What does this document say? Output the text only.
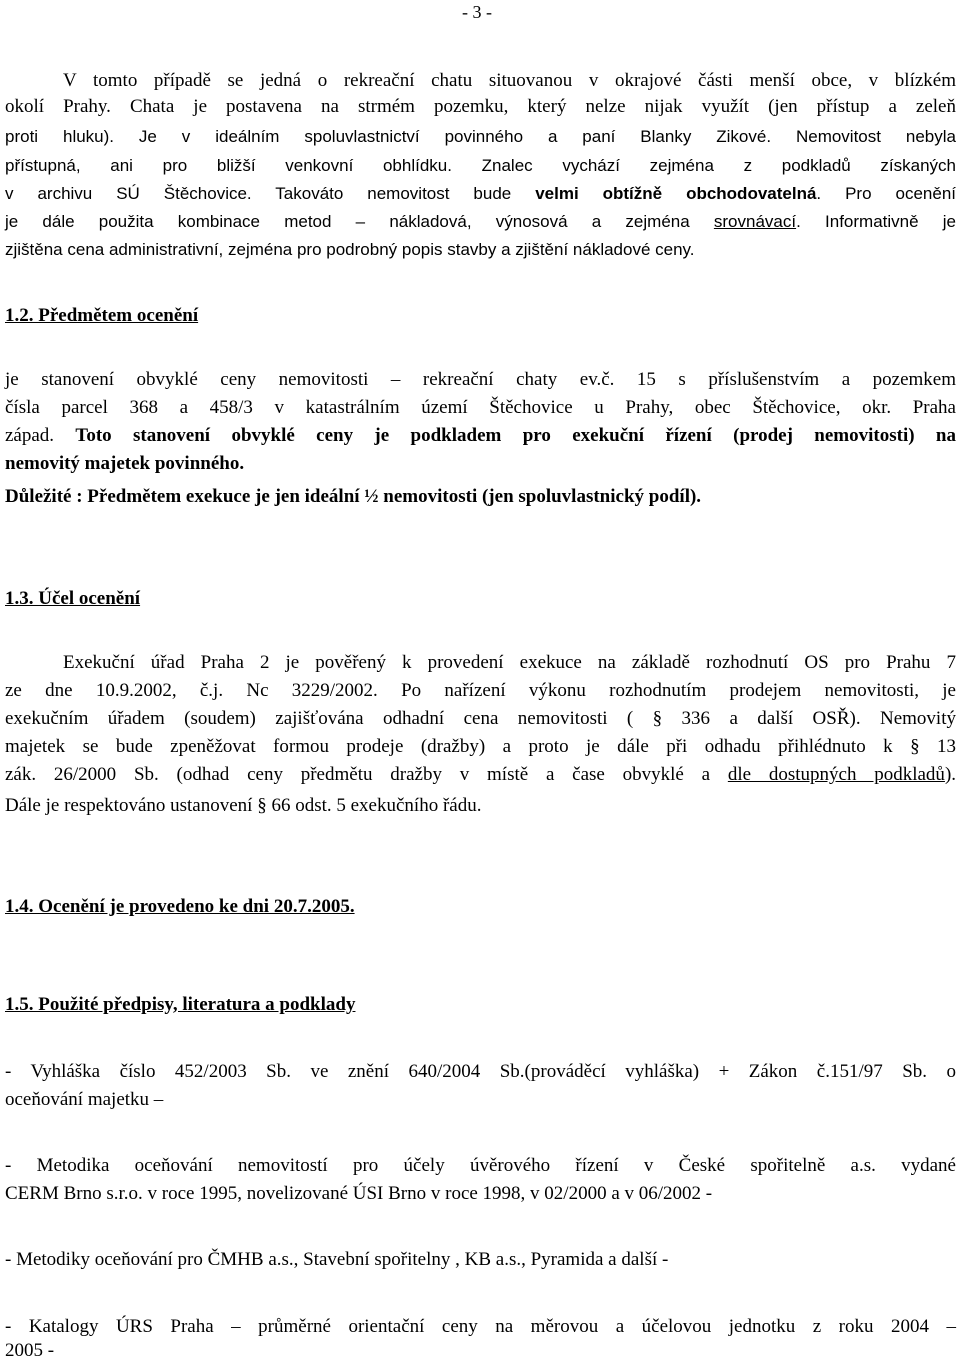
- 3 -
V tomto případě se jedná o rekreační chatu situovanou v okrajové části menší obce, v blízkém
okolí Prahy. Chata je postavena na strmém pozemku, který nelze nijak využít (jen přístup a zeleň
proti hluku). Je v ideálním spoluvlastnictví povinného a paní Blanky Zikové. Nemovitost nebyla
přístupná, ani pro bližší venkovní obhlídku. Znalec vychází zejména z podkladů získaných
v archivu SÚ Štěchovice. Takováto nemovitost bude velmi obtížně obchodovatelná. Pro ocenění
je dále použita kombinace metod – nákladová, výnosová a zejména srovnávací. Informativně je
zjištěna cena administrativní, zejména pro podrobný popis stavby a zjištění nákladové ceny.
1.2. Předmětem ocenění
je stanovení obvyklé ceny nemovitosti – rekreační chaty ev.č. 15 s příslušenstvím a pozemkem
čísla parcel 368 a 458/3 v katastrálním území Štěchovice u Prahy, obec Štěchovice, okr. Praha
západ. Toto stanovení obvyklé ceny je podkladem pro exekuční řízení (prodej nemovitosti) na
nemovitý majetek povinného.
Důležité : Předmětem exekuce je jen ideální ½ nemovitosti (jen spoluvlastnický podíl).
1.3. Účel ocenění
Exekuční úřad Praha 2 je pověřený k provedení exekuce na základě rozhodnutí OS pro Prahu 7
ze dne 10.9.2002, č.j. Nc 3229/2002. Po nařízení výkonu rozhodnutím prodejem nemovitosti, je
exekučním úřadem (soudem) zajišťována odhadní cena nemovitosti ( § 336 a další OSŘ). Nemovitý
majetek se bude zpeněžovat formou prodeje (dražby) a proto je dále při odhadu přihlédnuto k § 13
zák. 26/2000 Sb. (odhad ceny předmětu dražby v místě a čase obvyklé a dle dostupných podkladů).
Dále je respektováno ustanovení § 66 odst. 5 exekučního řádu.
1.4. Ocenění je provedeno ke dni 20.7.2005.
1.5. Použité předpisy, literatura a podklady
- Vyhláška číslo 452/2003 Sb. ve znění 640/2004 Sb.(prováděcí vyhláška) + Zákon č.151/97 Sb. o
oceňování majetku –
- Metodika oceňování nemovitostí pro účely úvěrového řízení v České spořitelně a.s. vydané
CERM Brno s.r.o. v roce 1995, novelizované ÚSI Brno v roce 1998, v 02/2000 a v 06/2002 -
- Metodiky oceňování pro ČMHB a.s., Stavební spořitelny , KB a.s., Pyramida a další -
- Katalogy ÚRS Praha – průměrné orientační ceny na měrovou a účelovou jednotku z roku 2004 –
2005 -
